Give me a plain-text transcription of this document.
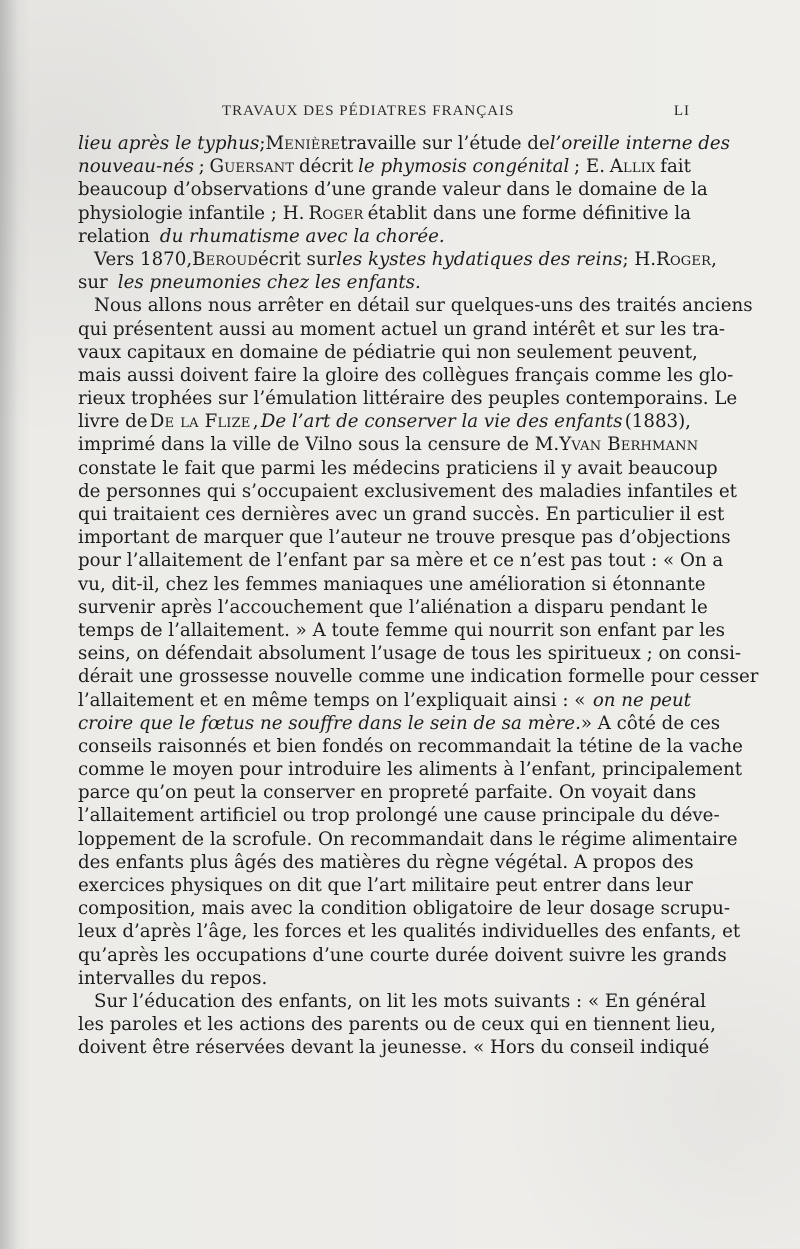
TRAVAUX DES PÉDIATRES FRANÇAIS	LI
lieu après le typhus ; Menière travaille sur l’étude de l’oreille interne des
nouveau-nés ; Guersant décrit le phymosis congénital ; E. Allix fait
beaucoup d’observations d’une grande valeur dans le domaine de la
physiologie infantile ; H. Roger établit dans une forme définitive la
relation du rhumatisme avec la chorée.
Vers 1870, Beroud écrit sur les kystes hydatiques des reins ; H. Roger ,
sur les pneumonies chez les enfants.
Nous allons nous arrêter en détail sur quelques-uns des traités anciens
qui présentent aussi au moment actuel un grand intérêt et sur les tra-
vaux capitaux en domaine de pédiatrie qui non seulement peuvent,
mais aussi doivent faire la gloire des collègues français comme les glo-
rieux trophées sur l’émulation littéraire des peuples contemporains. Le
livre de De la Flize , De l’art de conserver la vie des enfants (1883),
imprimé dans la ville de Vilno sous la censure de M. Yvan Berhmann
constate le fait que parmi les médecins praticiens il y avait beaucoup
de personnes qui s’occupaient exclusivement des maladies infantiles et
qui traitaient ces dernières avec un grand succès. En particulier il est
important de marquer que l’auteur ne trouve presque pas d’objections
pour l’allaitement de l’enfant par sa mère et ce n’est pas tout : « On a
vu, dit-il, chez les femmes maniaques une amélioration si étonnante
survenir après l’accouchement que l’aliénation a disparu pendant le
temps de l’allaitement. » A toute femme qui nourrit son enfant par les
seins, on défendait absolument l’usage de tous les spiritueux ; on consi-
dérait une grossesse nouvelle comme une indication formelle pour cesser
l’allaitement et en même temps on l’expliquait ainsi : « on ne peut
croire que le fœtus ne souffre dans le sein de sa mère. » A côté de ces
conseils raisonnés et bien fondés on recommandait la tétine de la vache
comme le moyen pour introduire les aliments à l’enfant, principalement
parce qu’on peut la conserver en propreté parfaite. On voyait dans
l’allaitement artificiel ou trop prolongé une cause principale du déve-
loppement de la scrofule. On recommandait dans le régime alimentaire
des enfants plus âgés des matières du règne végétal. A propos des
exercices physiques on dit que l’art militaire peut entrer dans leur
composition, mais avec la condition obligatoire de leur dosage scrupu-
leux d’après l’âge, les forces et les qualités individuelles des enfants, et
qu’après les occupations d’une courte durée doivent suivre les grands
intervalles du repos.
Sur l’éducation des enfants, on lit les mots suivants : « En général
les paroles et les actions des parents ou de ceux qui en tiennent lieu,
doivent être réservées devant la jeunesse. « Hors du conseil indiqué
